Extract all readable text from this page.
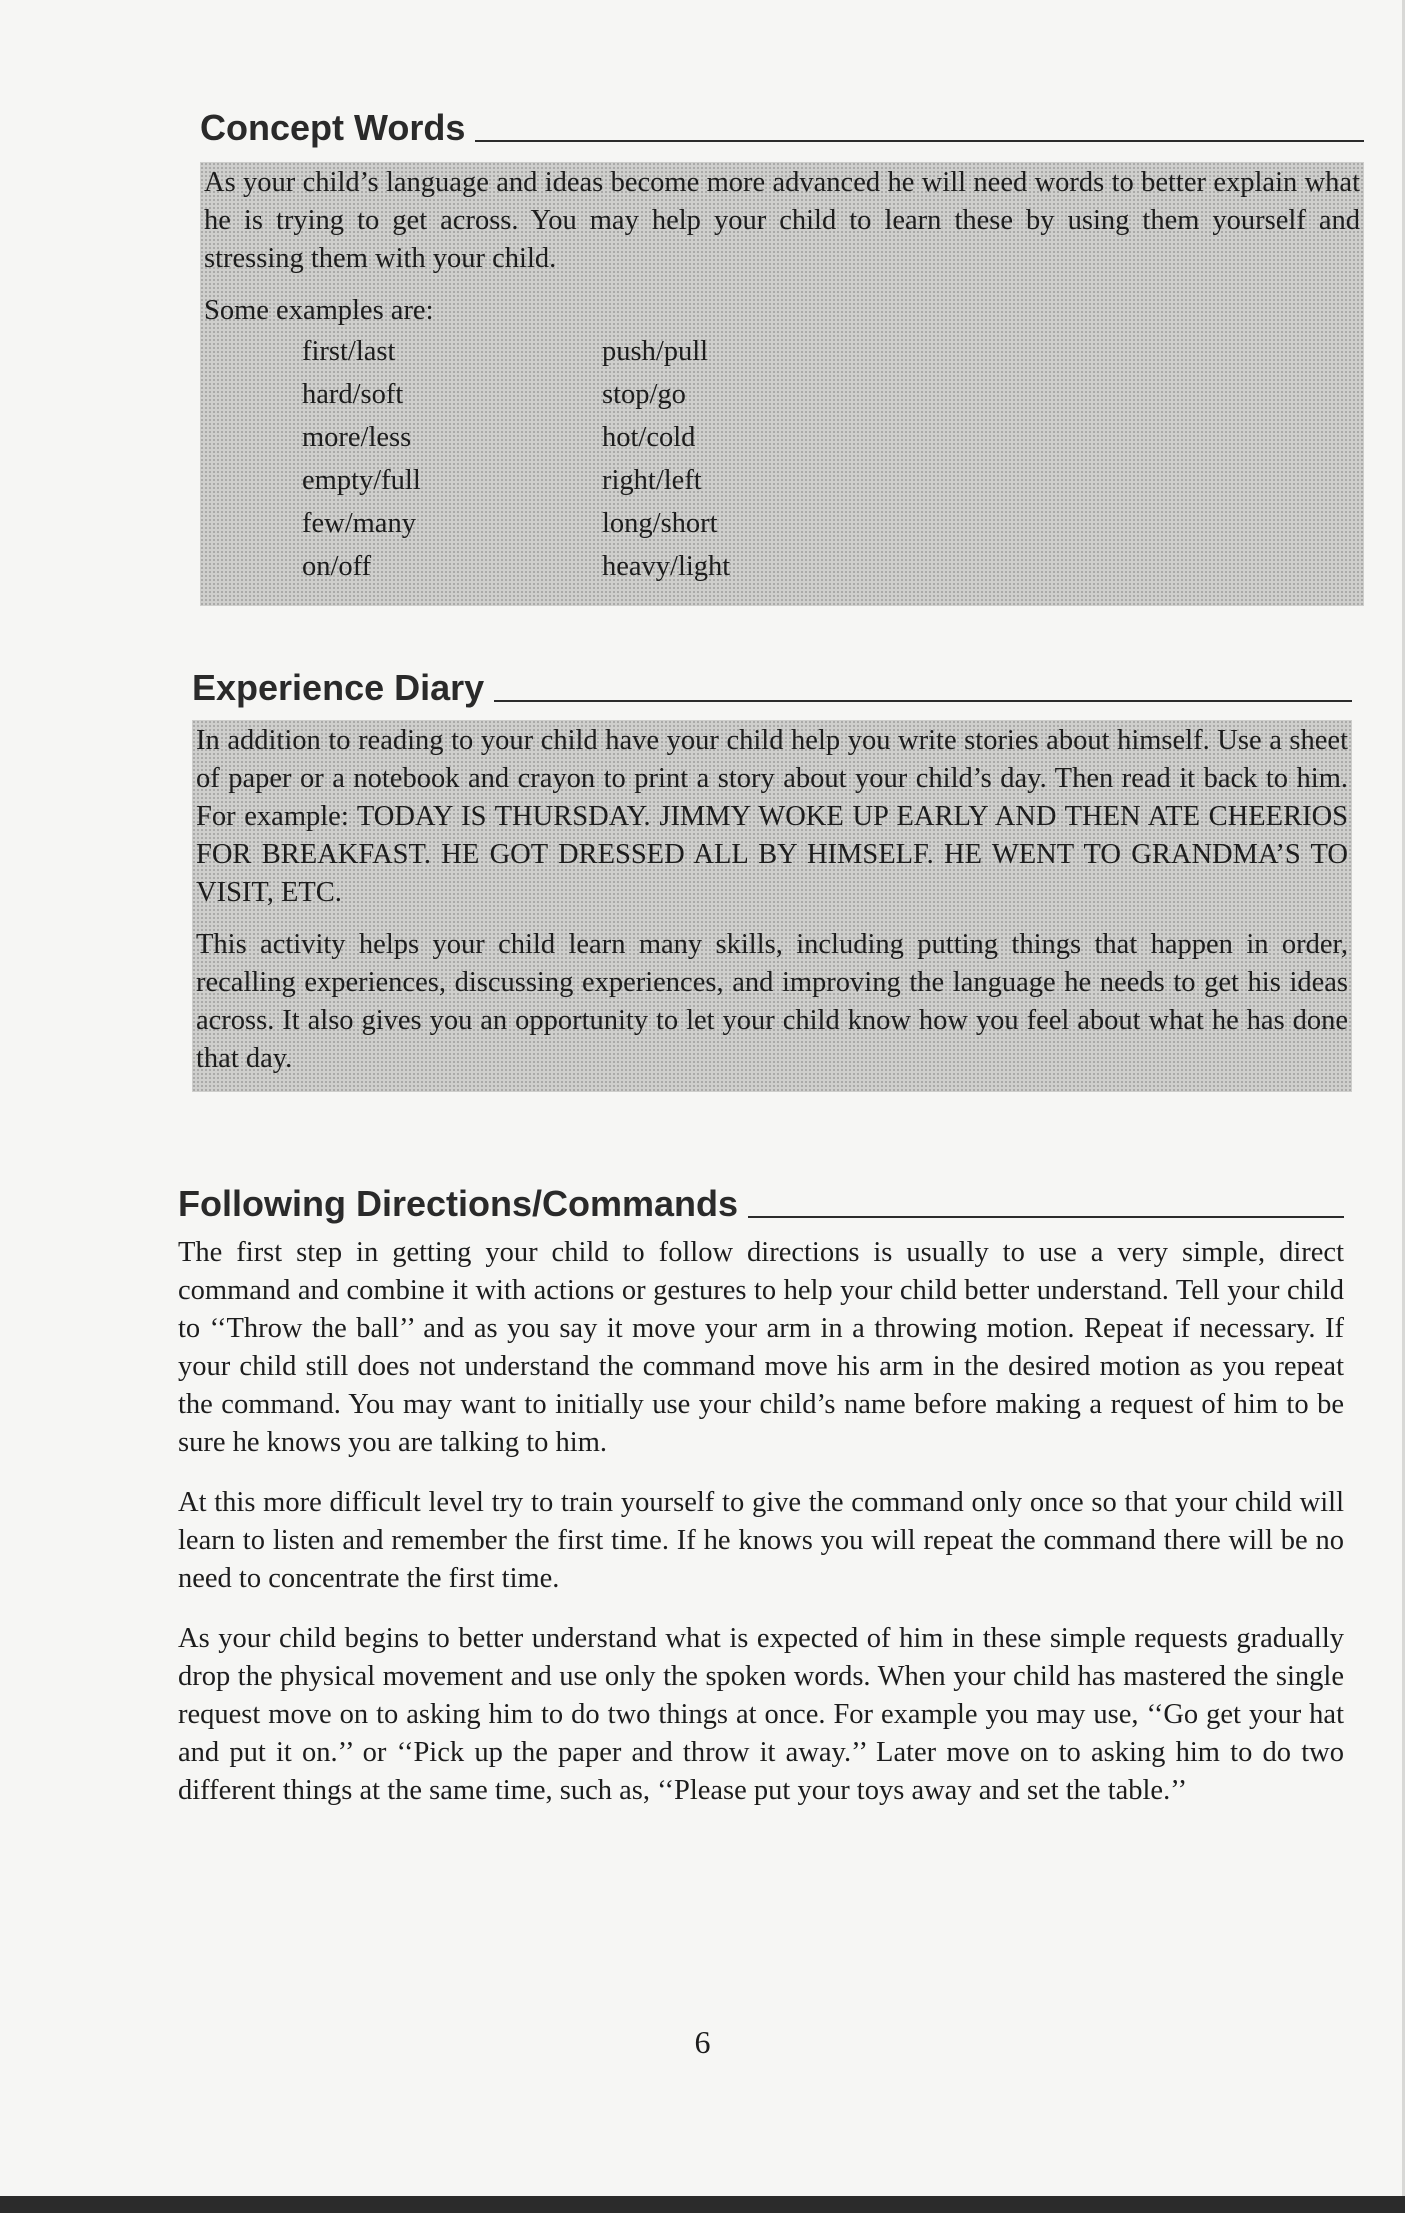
Concept Words

As your child’s language and ideas become more advanced he will need words to better explain what he is trying to get across. You may help your child to learn these by using them yourself and stressing them with your child.

Some examples are:

first/last	push/pull
hard/soft	stop/go
more/less	hot/cold
empty/full	right/left
few/many	long/short
on/off	heavy/light
Experience Diary

In addition to reading to your child have your child help you write stories about himself. Use a sheet of paper or a notebook and crayon to print a story about your child’s day. Then read it back to him. For example: TODAY IS THURSDAY. JIMMY WOKE UP EARLY AND THEN ATE CHEERIOS FOR BREAKFAST. HE GOT DRESSED ALL BY HIMSELF. HE WENT TO GRANDMA’S TO VISIT, ETC.

This activity helps your child learn many skills, including putting things that happen in order, recalling experiences, discussing experiences, and improving the language he needs to get his ideas across. It also gives you an opportunity to let your child know how you feel about what he has done that day.

Following Directions/Commands

The first step in getting your child to follow directions is usually to use a very simple, direct command and combine it with actions or gestures to help your child better understand. Tell your child to ‘‘Throw the ball’’ and as you say it move your arm in a throwing motion. Repeat if necessary. If your child still does not understand the command move his arm in the desired motion as you repeat the command. You may want to initially use your child’s name before making a request of him to be sure he knows you are talking to him.

At this more difficult level try to train yourself to give the command only once so that your child will learn to listen and remember the first time. If he knows you will repeat the command there will be no need to concentrate the first time.

As your child begins to better understand what is expected of him in these simple requests gradually drop the physical movement and use only the spoken words. When your child has mastered the single request move on to asking him to do two things at once. For example you may use, ‘‘Go get your hat and put it on.’’ or ‘‘Pick up the paper and throw it away.’’ Later move on to asking him to do two different things at the same time, such as, ‘‘Please put your toys away and set the table.’’

6
